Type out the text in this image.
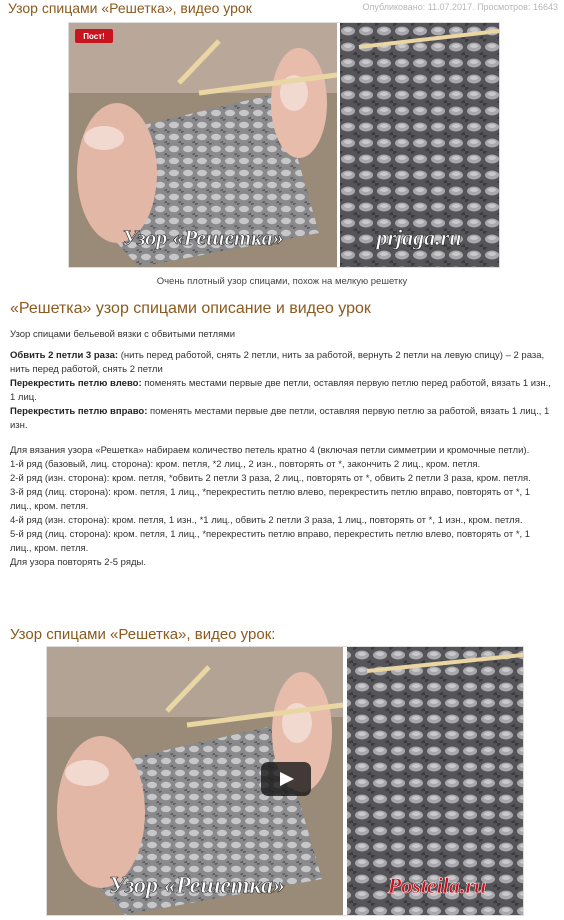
Узор спицами «Решетка», видео урок	Опубликовано: 11.07.2017. Просмотров: 16643
Пост!
Узор «Решетка»	prjaga.ru
Очень плотный узор спицами, похож на мелкую решетку
«Решетка» узор спицами описание и видео урок
Узор спицами бельевой вязки с обвитыми петлями

Обвить 2 петли 3 раза: (нить перед работой, снять 2 петли, нить за работой, вернуть 2 петли на левую спицу) – 2 раза, нить перед работой, снять 2 петли

Перекрестить петлю влево: поменять местами первые две петли, оставляя первую петлю перед работой, вязать 1 изн., 1 лиц.

Перекрестить петлю вправо: поменять местами первые две петли, оставляя первую петлю за работой, вязать 1 лиц., 1 изн.

Для вязания узора «Решетка» набираем количество петель кратно 4 (включая петли симметрии и кромочные петли).

1-й ряд (базовый, лиц. сторона): кром. петля, *2 лиц., 2 изн., повторять от *, закончить 2 лиц., кром. петля.

2-й ряд (изн. сторона): кром. петля, *обвить 2 петли 3 раза, 2 лиц., повторять от *, обвить 2 петли 3 раза, кром. петля.

3-й ряд (лиц. сторона): кром. петля, 1 лиц., *перекрестить петлю влево, перекрестить петлю вправо, повторять от *, 1 лиц., кром. петля.

4-й ряд (изн. сторона): кром. петля, 1 изн., *1 лиц., обвить 2 петли 3 раза, 1 лиц., повторять от *, 1 изн., кром. петля.

5-й ряд (лиц. сторона): кром. петля, 1 лиц., *перекрестить петлю вправо, перекрестить петлю влево, повторять от *, 1 лиц., кром. петля.

Для узора повторять 2-5 ряды.

Узор спицами «Решетка», видео урок:
Узор «Решетка»	Posteila.ru
